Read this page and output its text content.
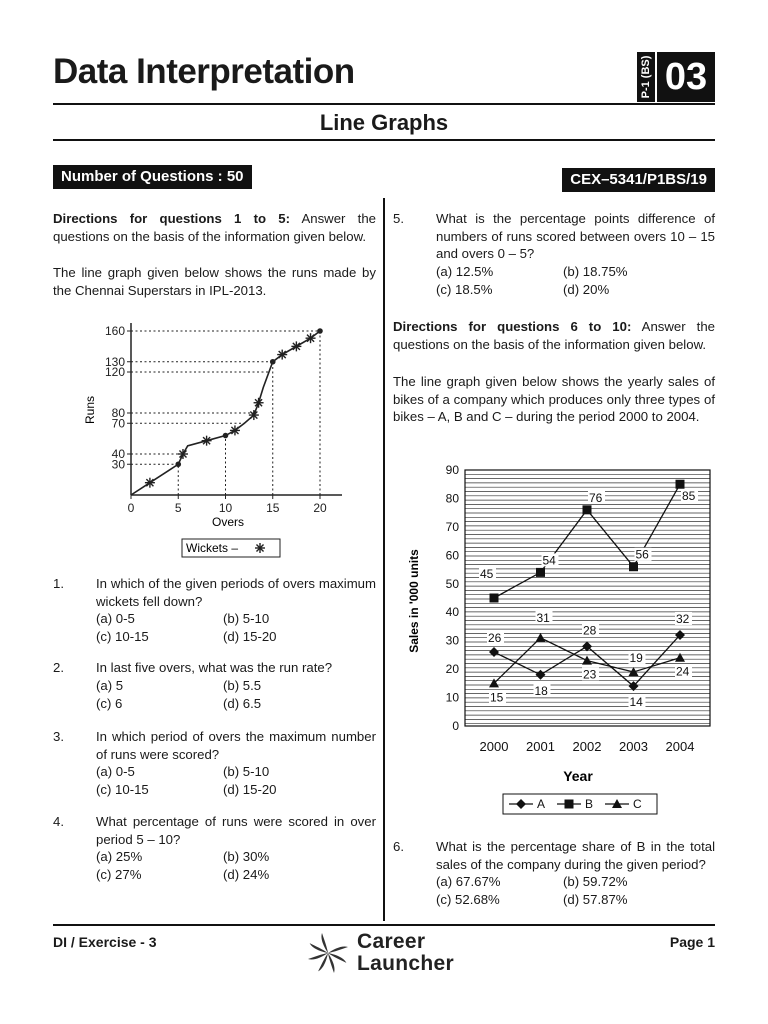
Data Interpretation	P-1 (BS) 03
Line Graphs
Number of Questions : 50	CEX–5341/P1BS/19
Directions for questions 1 to 5: Answer the questions on the basis of the information given below.
The line graph given below shows the runs made by the Chennai Superstars in IPL-2013.
30
40
70
80
120
130
160
0	5	10	15	20
Overs
Runs
Wickets –
1. In which of the given periods of overs maximum wickets fell down?
(a) 0-5	(b) 5-10
(c) 10-15	(d) 15-20
2. In last five overs, what was the run rate?
(a) 5	(b) 5.5
(c) 6	(d) 6.5
3. In which period of overs the maximum number of runs were scored?
(a) 0-5	(b) 5-10
(c) 10-15	(d) 15-20
4. What percentage of runs were scored in over period 5 – 10?
(a) 25%	(b) 30%
(c) 27%	(d) 24%
5. What is the percentage points difference of numbers of runs scored between overs 10 – 15 and overs 0 – 5?
(a) 12.5%	(b) 18.75%
(c) 18.5%	(d) 20%
Directions for questions 6 to 10: Answer the questions on the basis of the information given below.
The line graph given below shows the yearly sales of bikes of a company which produces only three types of bikes – A, B and C – during the period 2000 to 2004.
0
10
20
30
40
50
60
70
80
90
2000 2001 2002 2003 2004
26
18
28
14
32
45
54
76
56
85
15
31
23
19
24
Sales in '000 units
Year
A	B	C
6. What is the percentage share of B in the total sales of the company during the given period?
(a) 67.67%	(b) 59.72%
(c) 52.68%	(d) 57.87%
DI / Exercise - 3	Page 1
Career
Launcher
